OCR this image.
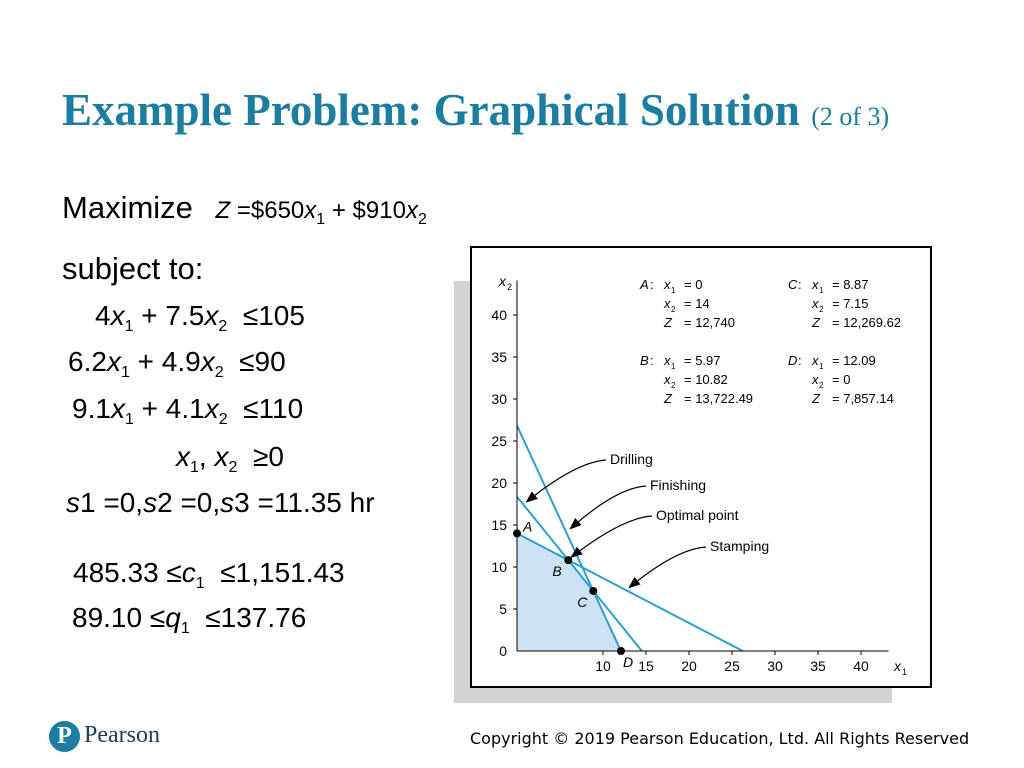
Example Problem: Graphical Solution (2 of 3)
Maximize $Z =\$650x_1$ + $\$910x_2$
subject to:
$4x_1 + 7.5x_2 \le 105$
$6.2x_1 + 4.9x_2 \le 90$
$9.1x_1 + 4.1x_2 \le 110$
$x_1$, $x_2 \ge 0$
s1 =0,s2 =0,s3 =11.35 hr
$485.33 \le c_1 \le 1,151.43$
$89.10 \le q_1 \le 137.76$
0
5
10
15
20
25
30
35
40
10 15 20 25 30 35 40
x 2
x 1
A
B
C
D
Drilling
Finishing
Optimal point
Stamping
A : x 1 = 0
x 2 = 14
Z = 12,740
B : x 1 = 5.97
x 2 = 10.82
Z = 13,722.49
C : x 1 = 8.87
x 2 = 7.15
Z = 12,269.62
D : x 1 = 12.09
x 2 = 0
Z = 7,857.14
P Pearson	Copyright © 2019 Pearson Education, Ltd. All Rights Reserved
